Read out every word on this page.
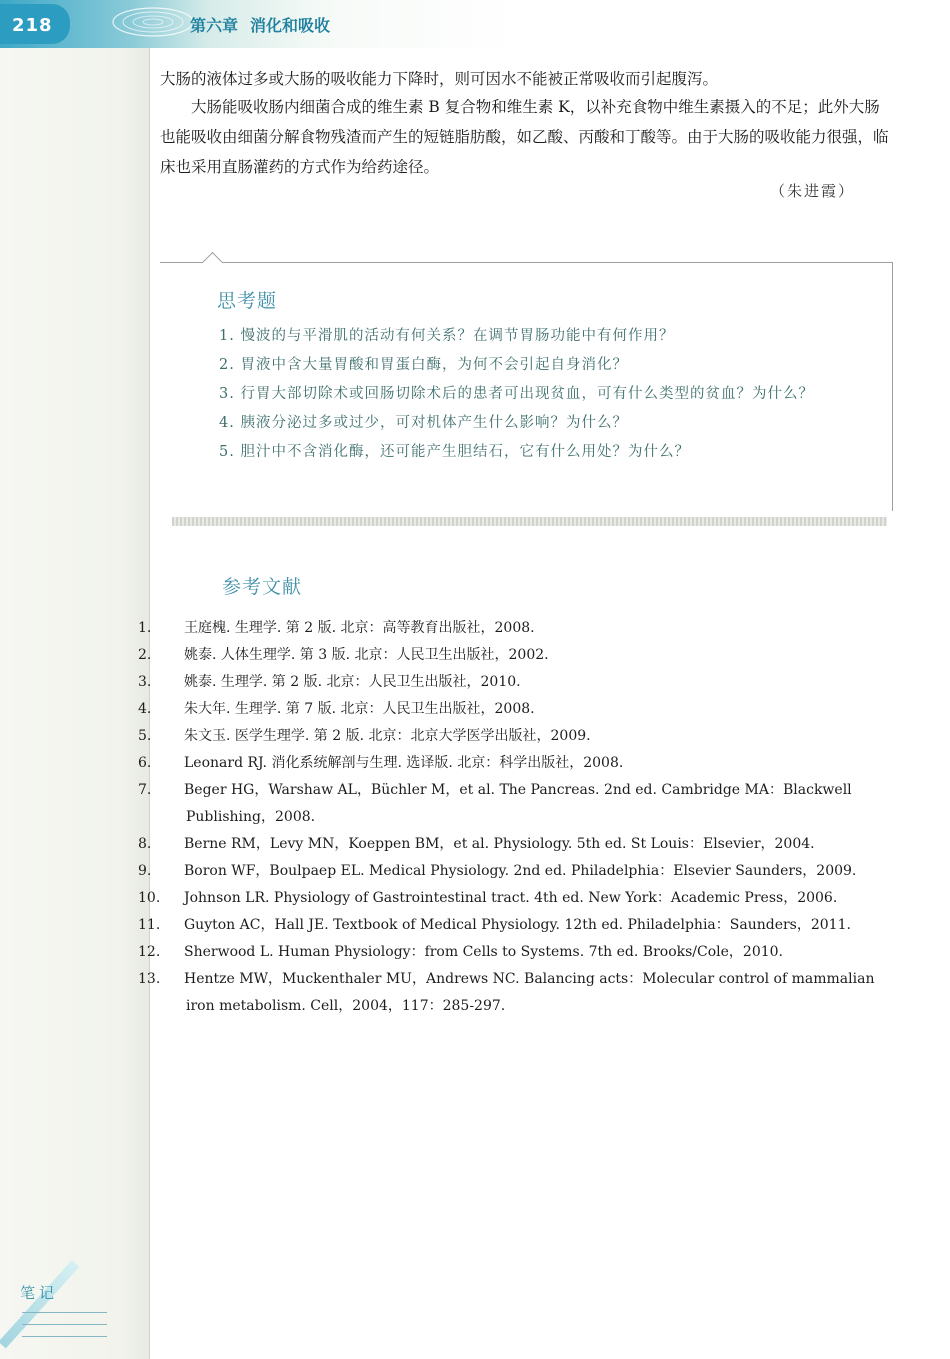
218	第六章 消化和吸收
大肠的液体过多或大肠的吸收能力下降时，则可因水不能被正常吸收而引起腹泻。
大肠能吸收肠内细菌合成的维生素 B 复合物和维生素 K，以补充食物中维生素摄入的不足；此外大肠也能吸收由细菌分解食物残渣而产生的短链脂肪酸，如乙酸、丙酸和丁酸等。由于大肠的吸收能力很强，临床也采用直肠灌药的方式作为给药途径。
（朱进霞）
思考题
1. 慢波的与平滑肌的活动有何关系？在调节胃肠功能中有何作用？
2. 胃液中含大量胃酸和胃蛋白酶，为何不会引起自身消化？
3. 行胃大部切除术或回肠切除术后的患者可出现贫血，可有什么类型的贫血？为什么？
4. 胰液分泌过多或过少，可对机体产生什么影响？为什么？
5. 胆汁中不含消化酶，还可能产生胆结石，它有什么用处？为什么？
参考文献
1. 王庭槐. 生理学. 第 2 版. 北京：高等教育出版社，2008.
2. 姚泰. 人体生理学. 第 3 版. 北京：人民卫生出版社，2002.
3. 姚泰. 生理学. 第 2 版. 北京：人民卫生出版社，2010.
4. 朱大年. 生理学. 第 7 版. 北京：人民卫生出版社，2008.
5. 朱文玉. 医学生理学. 第 2 版. 北京：北京大学医学出版社，2009.
6. Leonard RJ. 消化系统解剖与生理. 选译版. 北京：科学出版社，2008.
7. Beger HG，Warshaw AL，Büchler M，et al. The Pancreas. 2nd ed. Cambridge MA：Blackwell Publishing，2008.
8. Berne RM，Levy MN，Koeppen BM，et al. Physiology. 5th ed. St Louis：Elsevier，2004.
9. Boron WF，Boulpaep EL. Medical Physiology. 2nd ed. Philadelphia：Elsevier Saunders，2009.
10. Johnson LR. Physiology of Gastrointestinal tract. 4th ed. New York：Academic Press，2006.
11. Guyton AC，Hall JE. Textbook of Medical Physiology. 12th ed. Philadelphia：Saunders，2011.
12. Sherwood L. Human Physiology：from Cells to Systems. 7th ed. Brooks/Cole，2010.
13. Hentze MW，Muckenthaler MU，Andrews NC. Balancing acts：Molecular control of mammalian iron metabolism. Cell，2004，117：285-297.
笔记
